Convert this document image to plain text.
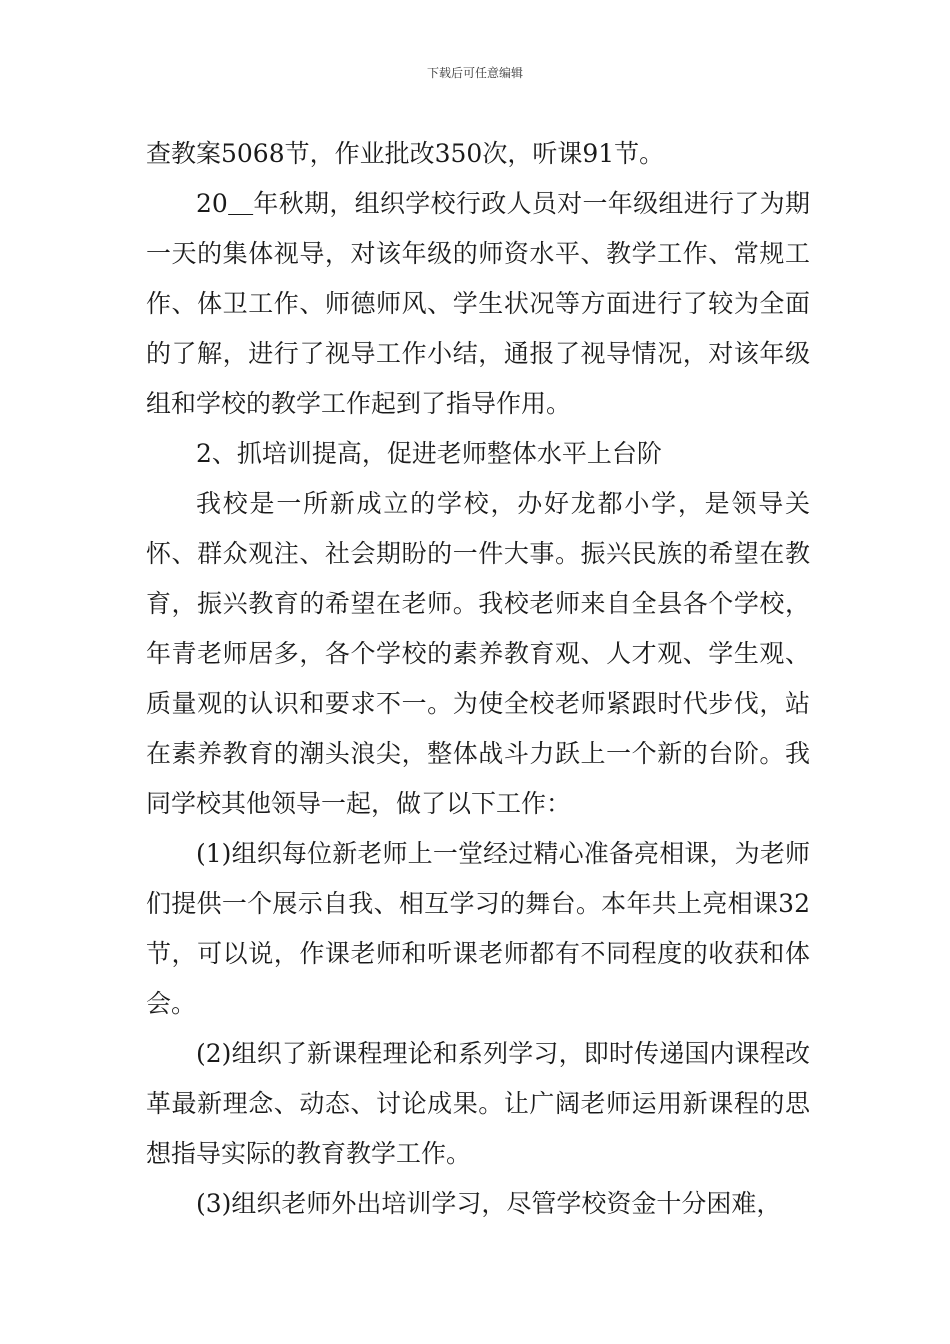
下载后可任意编辑

查教案5068节，作业批改350次，听课91节。

20＿年秋期，组织学校行政人员对一年级组进行了为期一天的集体视导，对该年级的师资水平、教学工作、常规工作、体卫工作、师德师风、学生状况等方面进行了较为全面的了解，进行了视导工作小结，通报了视导情况，对该年级组和学校的教学工作起到了指导作用。

2、抓培训提高，促进老师整体水平上台阶

我校是一所新成立的学校，办好龙都小学，是领导关怀、群众观注、社会期盼的一件大事。振兴民族的希望在教育，振兴教育的希望在老师。我校老师来自全县各个学校，年青老师居多，各个学校的素养教育观、人才观、学生观、质量观的认识和要求不一。为使全校老师紧跟时代步伐，站在素养教育的潮头浪尖，整体战斗力跃上一个新的台阶。我同学校其他领导一起，做了以下工作：

(1)组织每位新老师上一堂经过精心准备亮相课，为老师们提供一个展示自我、相互学习的舞台。本年共上亮相课32节，可以说，作课老师和听课老师都有不同程度的收获和体会。

(2)组织了新课程理论和系列学习，即时传递国内课程改革最新理念、动态、讨论成果。让广阔老师运用新课程的思想指导实际的教育教学工作。

(3)组织老师外出培训学习，尽管学校资金十分困难，
